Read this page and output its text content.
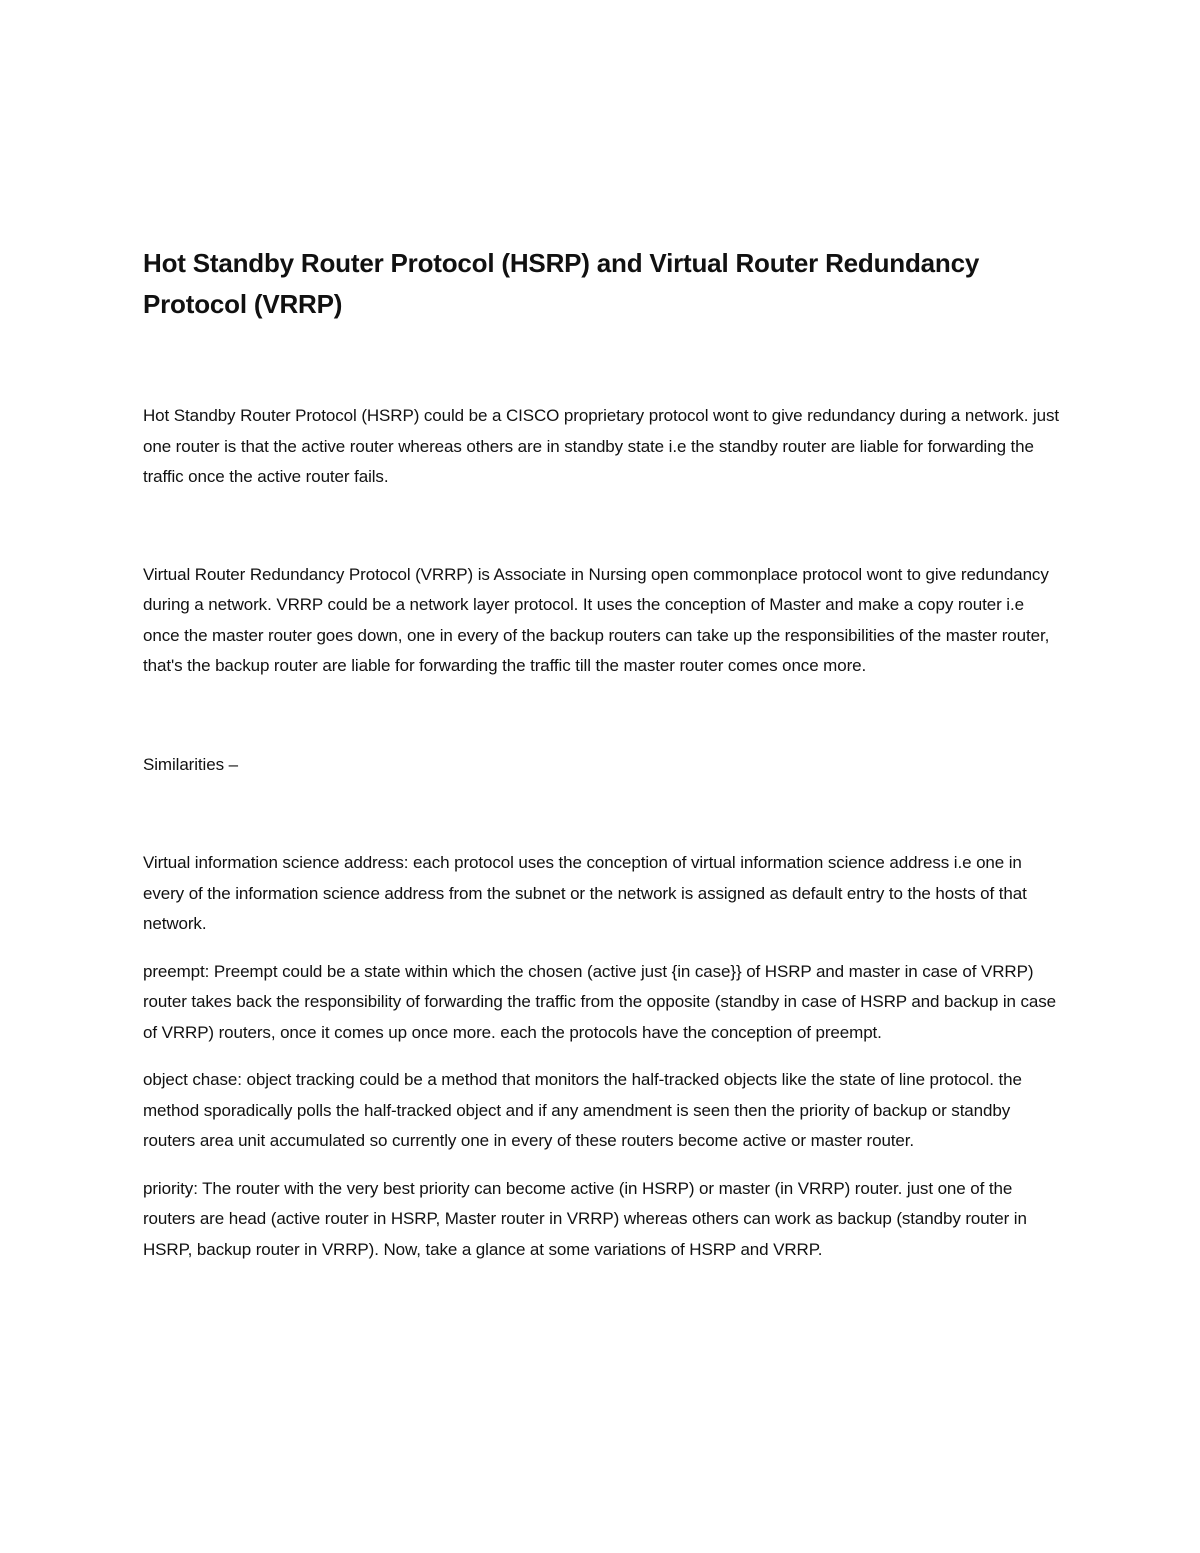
Hot Standby Router Protocol (HSRP) and Virtual Router Redundancy Protocol (VRRP)

Hot Standby Router Protocol (HSRP) could be a CISCO proprietary protocol wont to give redundancy during a network. just one router is that the active router whereas others are in standby state i.e the standby router are liable for forwarding the traffic once the active router fails.

Virtual Router Redundancy Protocol (VRRP) is Associate in Nursing open commonplace protocol wont to give redundancy during a network. VRRP could be a network layer protocol. It uses the conception of Master and make a copy router i.e once the master router goes down, one in every of the backup routers can take up the responsibilities of the master router, that's the backup router are liable for forwarding the traffic till the master router comes once more.

Similarities –

Virtual information science address: each protocol uses the conception of virtual information science address i.e one in every of the information science address from the subnet or the network is assigned as default entry to the hosts of that network.

preempt: Preempt could be a state within which the chosen (active just {in case}} of HSRP and master in case of VRRP) router takes back the responsibility of forwarding the traffic from the opposite (standby in case of HSRP and backup in case of VRRP) routers, once it comes up once more. each the protocols have the conception of preempt.

object chase: object tracking could be a method that monitors the half-tracked objects like the state of line protocol. the method sporadically polls the half-tracked object and if any amendment is seen then the priority of backup or standby routers area unit accumulated so currently one in every of these routers become active or master router.

priority: The router with the very best priority can become active (in HSRP) or master (in VRRP) router. just one of the routers are head (active router in HSRP, Master router in VRRP) whereas others can work as backup (standby router in HSRP, backup router in VRRP). Now, take a glance at some variations of HSRP and VRRP.
